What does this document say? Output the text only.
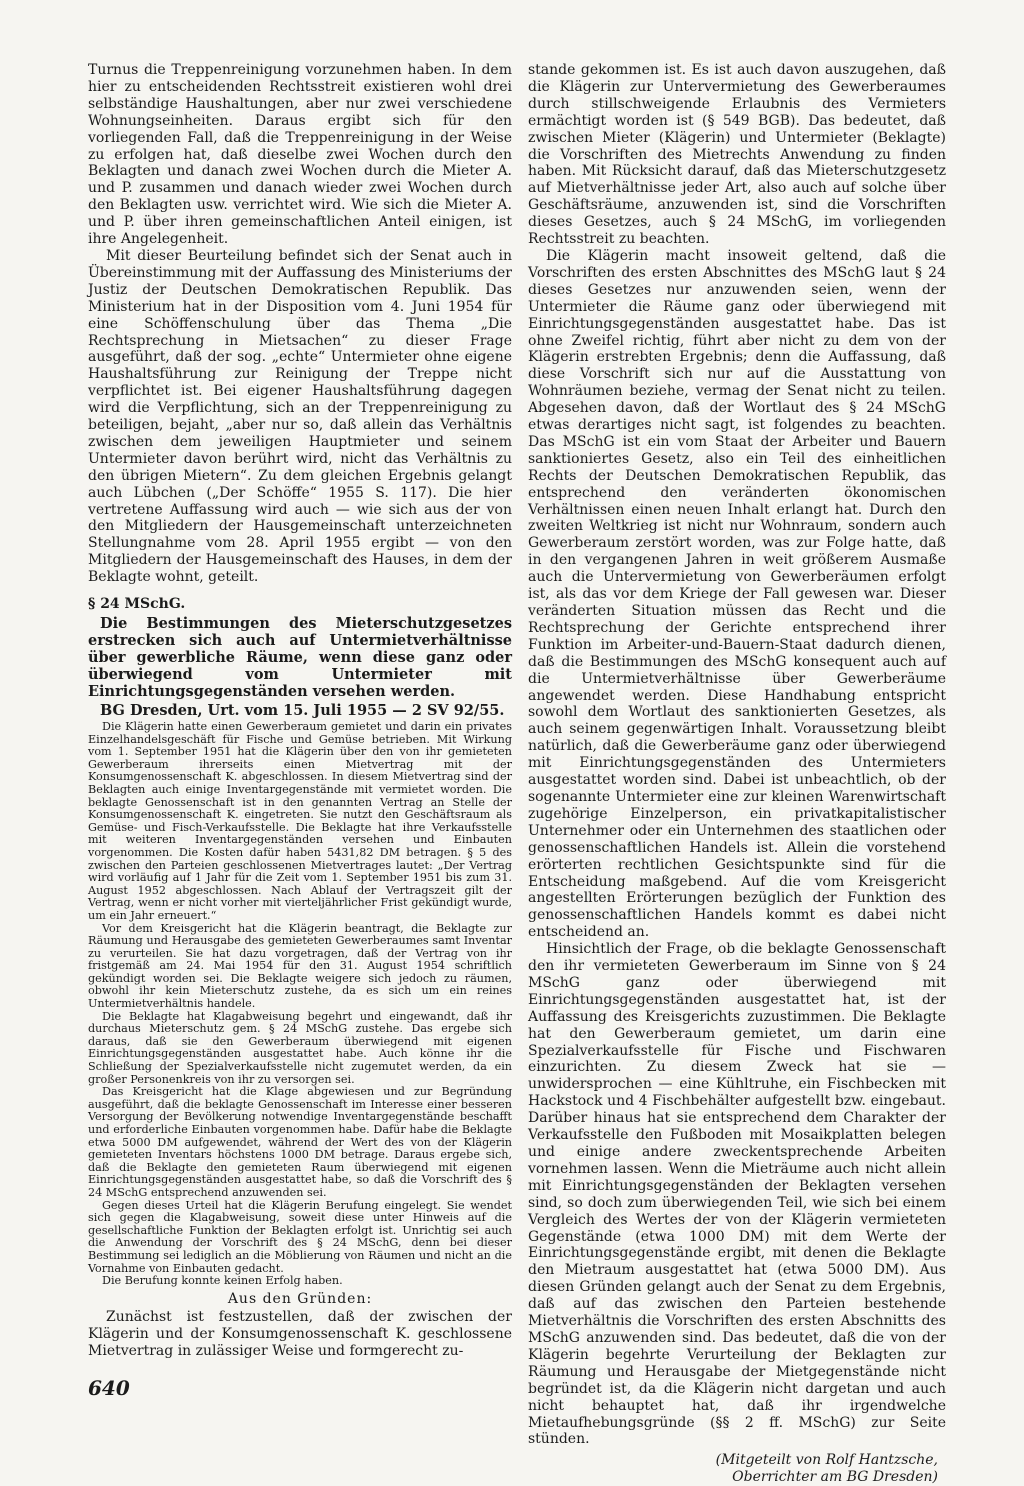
Turnus die Treppenreinigung vorzunehmen haben. In dem hier zu entscheidenden Rechtsstreit existieren wohl drei selbständige Haushaltungen, aber nur zwei verschiedene Wohnungseinheiten. Daraus ergibt sich für den vorliegenden Fall, daß die Treppenreinigung in der Weise zu erfolgen hat, daß dieselbe zwei Wochen durch den Beklagten und danach zwei Wochen durch die Mieter A. und P. zusammen und danach wieder zwei Wochen durch den Beklagten usw. verrichtet wird. Wie sich die Mieter A. und P. über ihren gemeinschaftlichen Anteil einigen, ist ihre Angelegenheit.

Mit dieser Beurteilung befindet sich der Senat auch in Übereinstimmung mit der Auffassung des Ministeriums der Justiz der Deutschen Demokratischen Republik. Das Ministerium hat in der Disposition vom 4. Juni 1954 für eine Schöffenschulung über das Thema „Die Rechtsprechung in Mietsachen“ zu dieser Frage ausgeführt, daß der sog. „echte“ Untermieter ohne eigene Haushaltsführung zur Reinigung der Treppe nicht verpflichtet ist. Bei eigener Haushaltsführung dagegen wird die Verpflichtung, sich an der Treppenreinigung zu beteiligen, bejaht, „aber nur so, daß allein das Verhältnis zwischen dem jeweiligen Hauptmieter und seinem Untermieter davon berührt wird, nicht das Verhältnis zu den übrigen Mietern“. Zu dem gleichen Ergebnis gelangt auch Lübchen („Der Schöffe“ 1955 S. 117). Die hier vertretene Auffassung wird auch — wie sich aus der von den Mitgliedern der Hausgemeinschaft unterzeichneten Stellungnahme vom 28. April 1955 ergibt — von den Mitgliedern der Hausgemeinschaft des Hauses, in dem der Beklagte wohnt, geteilt.

§ 24 MSchG.

Die Bestimmungen des Mieterschutzgesetzes erstrecken sich auch auf Untermietverhältnisse über gewerbliche Räume, wenn diese ganz oder überwiegend vom Untermieter mit Einrichtungsgegenständen versehen werden.

BG Dresden, Urt. vom 15. Juli 1955 — 2 SV 92/55.

Die Klägerin hatte einen Gewerberaum gemietet und darin ein privates Einzelhandelsgeschäft für Fische und Gemüse betrieben. Mit Wirkung vom 1. September 1951 hat die Klägerin über den von ihr gemieteten Gewerberaum ihrerseits einen Mietvertrag mit der Konsumgenossenschaft K. abgeschlossen. In diesem Mietvertrag sind der Beklagten auch einige Inventargegenstände mit vermietet worden. Die beklagte Genossenschaft ist in den genannten Vertrag an Stelle der Konsumgenossenschaft K. eingetreten. Sie nutzt den Geschäftsraum als Gemüse- und Fisch-Verkaufsstelle. Die Beklagte hat ihre Verkaufsstelle mit weiteren Inventargegenständen versehen und Einbauten vorgenommen. Die Kosten dafür haben 5431,82 DM betragen. § 5 des zwischen den Parteien geschlossenen Mietvertrages lautet: „Der Vertrag wird vorläufig auf 1 Jahr für die Zeit vom 1. September 1951 bis zum 31. August 1952 abgeschlossen. Nach Ablauf der Vertragszeit gilt der Vertrag, wenn er nicht vorher mit vierteljährlicher Frist gekündigt wurde, um ein Jahr erneuert.“

Vor dem Kreisgericht hat die Klägerin beantragt, die Beklagte zur Räumung und Herausgabe des gemieteten Gewerberaumes samt Inventar zu verurteilen. Sie hat dazu vorgetragen, daß der Vertrag von ihr fristgemäß am 24. Mai 1954 für den 31. August 1954 schriftlich gekündigt worden sei. Die Beklagte weigere sich jedoch zu räumen, obwohl ihr kein Mieterschutz zustehe, da es sich um ein reines Untermietverhältnis handele.

Die Beklagte hat Klagabweisung begehrt und eingewandt, daß ihr durchaus Mieterschutz gem. § 24 MSchG zustehe. Das ergebe sich daraus, daß sie den Gewerberaum überwiegend mit eigenen Einrichtungsgegenständen ausgestattet habe. Auch könne ihr die Schließung der Spezialverkaufsstelle nicht zugemutet werden, da ein großer Personenkreis von ihr zu versorgen sei.

Das Kreisgericht hat die Klage abgewiesen und zur Begründung ausgeführt, daß die beklagte Genossenschaft im Interesse einer besseren Versorgung der Bevölkerung notwendige Inventargegenstände beschafft und erforderliche Einbauten vorgenommen habe. Dafür habe die Beklagte etwa 5000 DM aufgewendet, während der Wert des von der Klägerin gemieteten Inventars höchstens 1000 DM betrage. Daraus ergebe sich, daß die Beklagte den gemieteten Raum überwiegend mit eigenen Einrichtungsgegenständen ausgestattet habe, so daß die Vorschrift des § 24 MSchG entsprechend anzuwenden sei.

Gegen dieses Urteil hat die Klägerin Berufung eingelegt. Sie wendet sich gegen die Klagabweisung, soweit diese unter Hinweis auf die gesellschaftliche Funktion der Beklagten erfolgt ist. Unrichtig sei auch die Anwendung der Vorschrift des § 24 MSchG, denn bei dieser Bestimmung sei lediglich an die Möblierung von Räumen und nicht an die Vornahme von Einbauten gedacht.

Die Berufung konnte keinen Erfolg haben.

Aus den Gründen:

Zunächst ist festzustellen, daß der zwischen der Klägerin und der Konsumgenossenschaft K. geschlossene Mietvertrag in zulässiger Weise und formgerecht zu-

stande gekommen ist. Es ist auch davon auszugehen, daß die Klägerin zur Untervermietung des Gewerberaumes durch stillschweigende Erlaubnis des Vermieters ermächtigt worden ist (§ 549 BGB). Das bedeutet, daß zwischen Mieter (Klägerin) und Untermieter (Beklagte) die Vorschriften des Mietrechts Anwendung zu finden haben. Mit Rücksicht darauf, daß das Mieterschutzgesetz auf Mietverhältnisse jeder Art, also auch auf solche über Geschäftsräume, anzuwenden ist, sind die Vorschriften dieses Gesetzes, auch § 24 MSchG, im vorliegenden Rechtsstreit zu beachten.

Die Klägerin macht insoweit geltend, daß die Vorschriften des ersten Abschnittes des MSchG laut § 24 dieses Gesetzes nur anzuwenden seien, wenn der Untermieter die Räume ganz oder überwiegend mit Einrichtungsgegenständen ausgestattet habe. Das ist ohne Zweifel richtig, führt aber nicht zu dem von der Klägerin erstrebten Ergebnis; denn die Auffassung, daß diese Vorschrift sich nur auf die Ausstattung von Wohnräumen beziehe, vermag der Senat nicht zu teilen. Abgesehen davon, daß der Wortlaut des § 24 MSchG etwas derartiges nicht sagt, ist folgendes zu beachten. Das MSchG ist ein vom Staat der Arbeiter und Bauern sanktioniertes Gesetz, also ein Teil des einheitlichen Rechts der Deutschen Demokratischen Republik, das entsprechend den veränderten ökonomischen Verhältnissen einen neuen Inhalt erlangt hat. Durch den zweiten Weltkrieg ist nicht nur Wohnraum, sondern auch Gewerberaum zerstört worden, was zur Folge hatte, daß in den vergangenen Jahren in weit größerem Ausmaße auch die Untervermietung von Gewerberäumen erfolgt ist, als das vor dem Kriege der Fall gewesen war. Dieser veränderten Situation müssen das Recht und die Rechtsprechung der Gerichte entsprechend ihrer Funktion im Arbeiter-und-Bauern-Staat dadurch dienen, daß die Bestimmungen des MSchG konsequent auch auf die Untermietverhältnisse über Gewerberäume angewendet werden. Diese Handhabung entspricht sowohl dem Wortlaut des sanktionierten Gesetzes, als auch seinem gegenwärtigen Inhalt. Voraussetzung bleibt natürlich, daß die Gewerberäume ganz oder überwiegend mit Einrichtungsgegenständen des Untermieters ausgestattet worden sind. Dabei ist unbeachtlich, ob der sogenannte Untermieter eine zur kleinen Warenwirtschaft zugehörige Einzelperson, ein privatkapitalistischer Unternehmer oder ein Unternehmen des staatlichen oder genossenschaftlichen Handels ist. Allein die vorstehend erörterten rechtlichen Gesichtspunkte sind für die Entscheidung maßgebend. Auf die vom Kreisgericht angestellten Erörterungen bezüglich der Funktion des genossenschaftlichen Handels kommt es dabei nicht entscheidend an.

Hinsichtlich der Frage, ob die beklagte Genossenschaft den ihr vermieteten Gewerberaum im Sinne von § 24 MSchG ganz oder überwiegend mit Einrichtungsgegenständen ausgestattet hat, ist der Auffassung des Kreisgerichts zuzustimmen. Die Beklagte hat den Gewerberaum gemietet, um darin eine Spezialverkaufsstelle für Fische und Fischwaren einzurichten. Zu diesem Zweck hat sie — unwidersprochen — eine Kühltruhe, ein Fischbecken mit Hackstock und 4 Fischbehälter aufgestellt bzw. eingebaut. Darüber hinaus hat sie entsprechend dem Charakter der Verkaufsstelle den Fußboden mit Mosaikplatten belegen und einige andere zweckentsprechende Arbeiten vornehmen lassen. Wenn die Mieträume auch nicht allein mit Einrichtungsgegenständen der Beklagten versehen sind, so doch zum überwiegenden Teil, wie sich bei einem Vergleich des Wertes der von der Klägerin vermieteten Gegenstände (etwa 1000 DM) mit dem Werte der Einrichtungsgegenstände ergibt, mit denen die Beklagte den Mietraum ausgestattet hat (etwa 5000 DM). Aus diesen Gründen gelangt auch der Senat zu dem Ergebnis, daß auf das zwischen den Parteien bestehende Mietverhältnis die Vorschriften des ersten Abschnitts des MSchG anzuwenden sind. Das bedeutet, daß die von der Klägerin begehrte Verurteilung der Beklagten zur Räumung und Herausgabe der Mietgegenstände nicht begründet ist, da die Klägerin nicht dargetan und auch nicht behauptet hat, daß ihr irgendwelche Mietaufhebungsgründe (§§ 2 ff. MSchG) zur Seite stünden.

(Mitgeteilt von Rolf Hantzsche,
Oberrichter am BG Dresden)
640
